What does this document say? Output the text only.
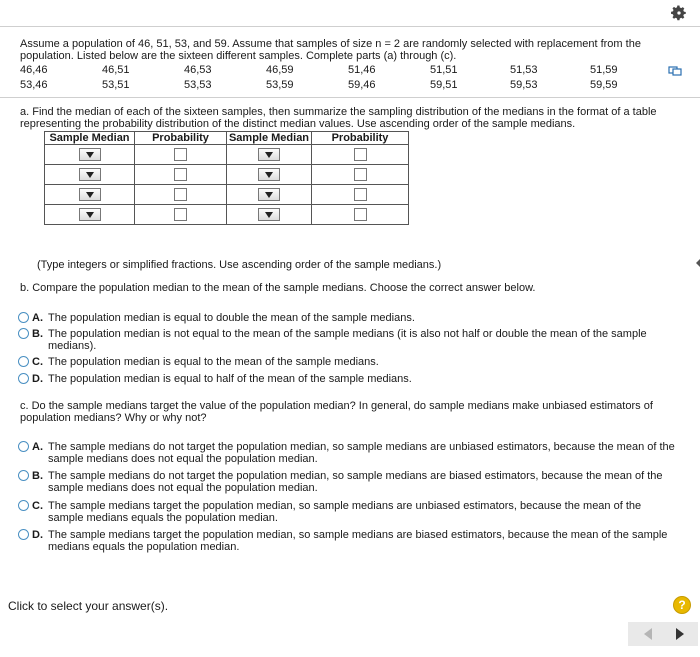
Assume a population of 46, 51, 53, and 59. Assume that samples of size n = 2 are randomly selected with replacement from the
population. Listed below are the sixteen different samples. Complete parts (a) through (c).
46,46	46,51	46,53	46,59	51,46	51,51	51,53	51,59
53,46	53,51	53,53	53,59	59,46	59,51	59,53	59,59
a. Find the median of each of the sixteen samples, then summarize the sampling distribution of the medians in the format of a table
representing the probability distribution of the distinct median values. Use ascending order of the sample medians.
Sample Median	Probability	Sample Median	Probability

(Type integers or simplified fractions. Use ascending order of the sample medians.)
b. Compare the population median to the mean of the sample medians. Choose the correct answer below.
A. The population median is equal to double the mean of the sample medians.
B. The population median is not equal to the mean of the sample medians (it is also not half or double the mean of the sample
medians).
C. The population median is equal to the mean of the sample medians.
D. The population median is equal to half of the mean of the sample medians.
c. Do the sample medians target the value of the population median? In general, do sample medians make unbiased estimators of
population medians? Why or why not?
A. The sample medians do not target the population median, so sample medians are unbiased estimators, because the mean of the
sample medians does not equal the population median.
B. The sample medians do not target the population median, so sample medians are biased estimators, because the mean of the
sample medians does not equal the population median.
C. The sample medians target the population median, so sample medians are unbiased estimators, because the mean of the
sample medians equals the population median.
D. The sample medians target the population median, so sample medians are biased estimators, because the mean of the sample
medians equals the population median.
Click to select your answer(s).	?
